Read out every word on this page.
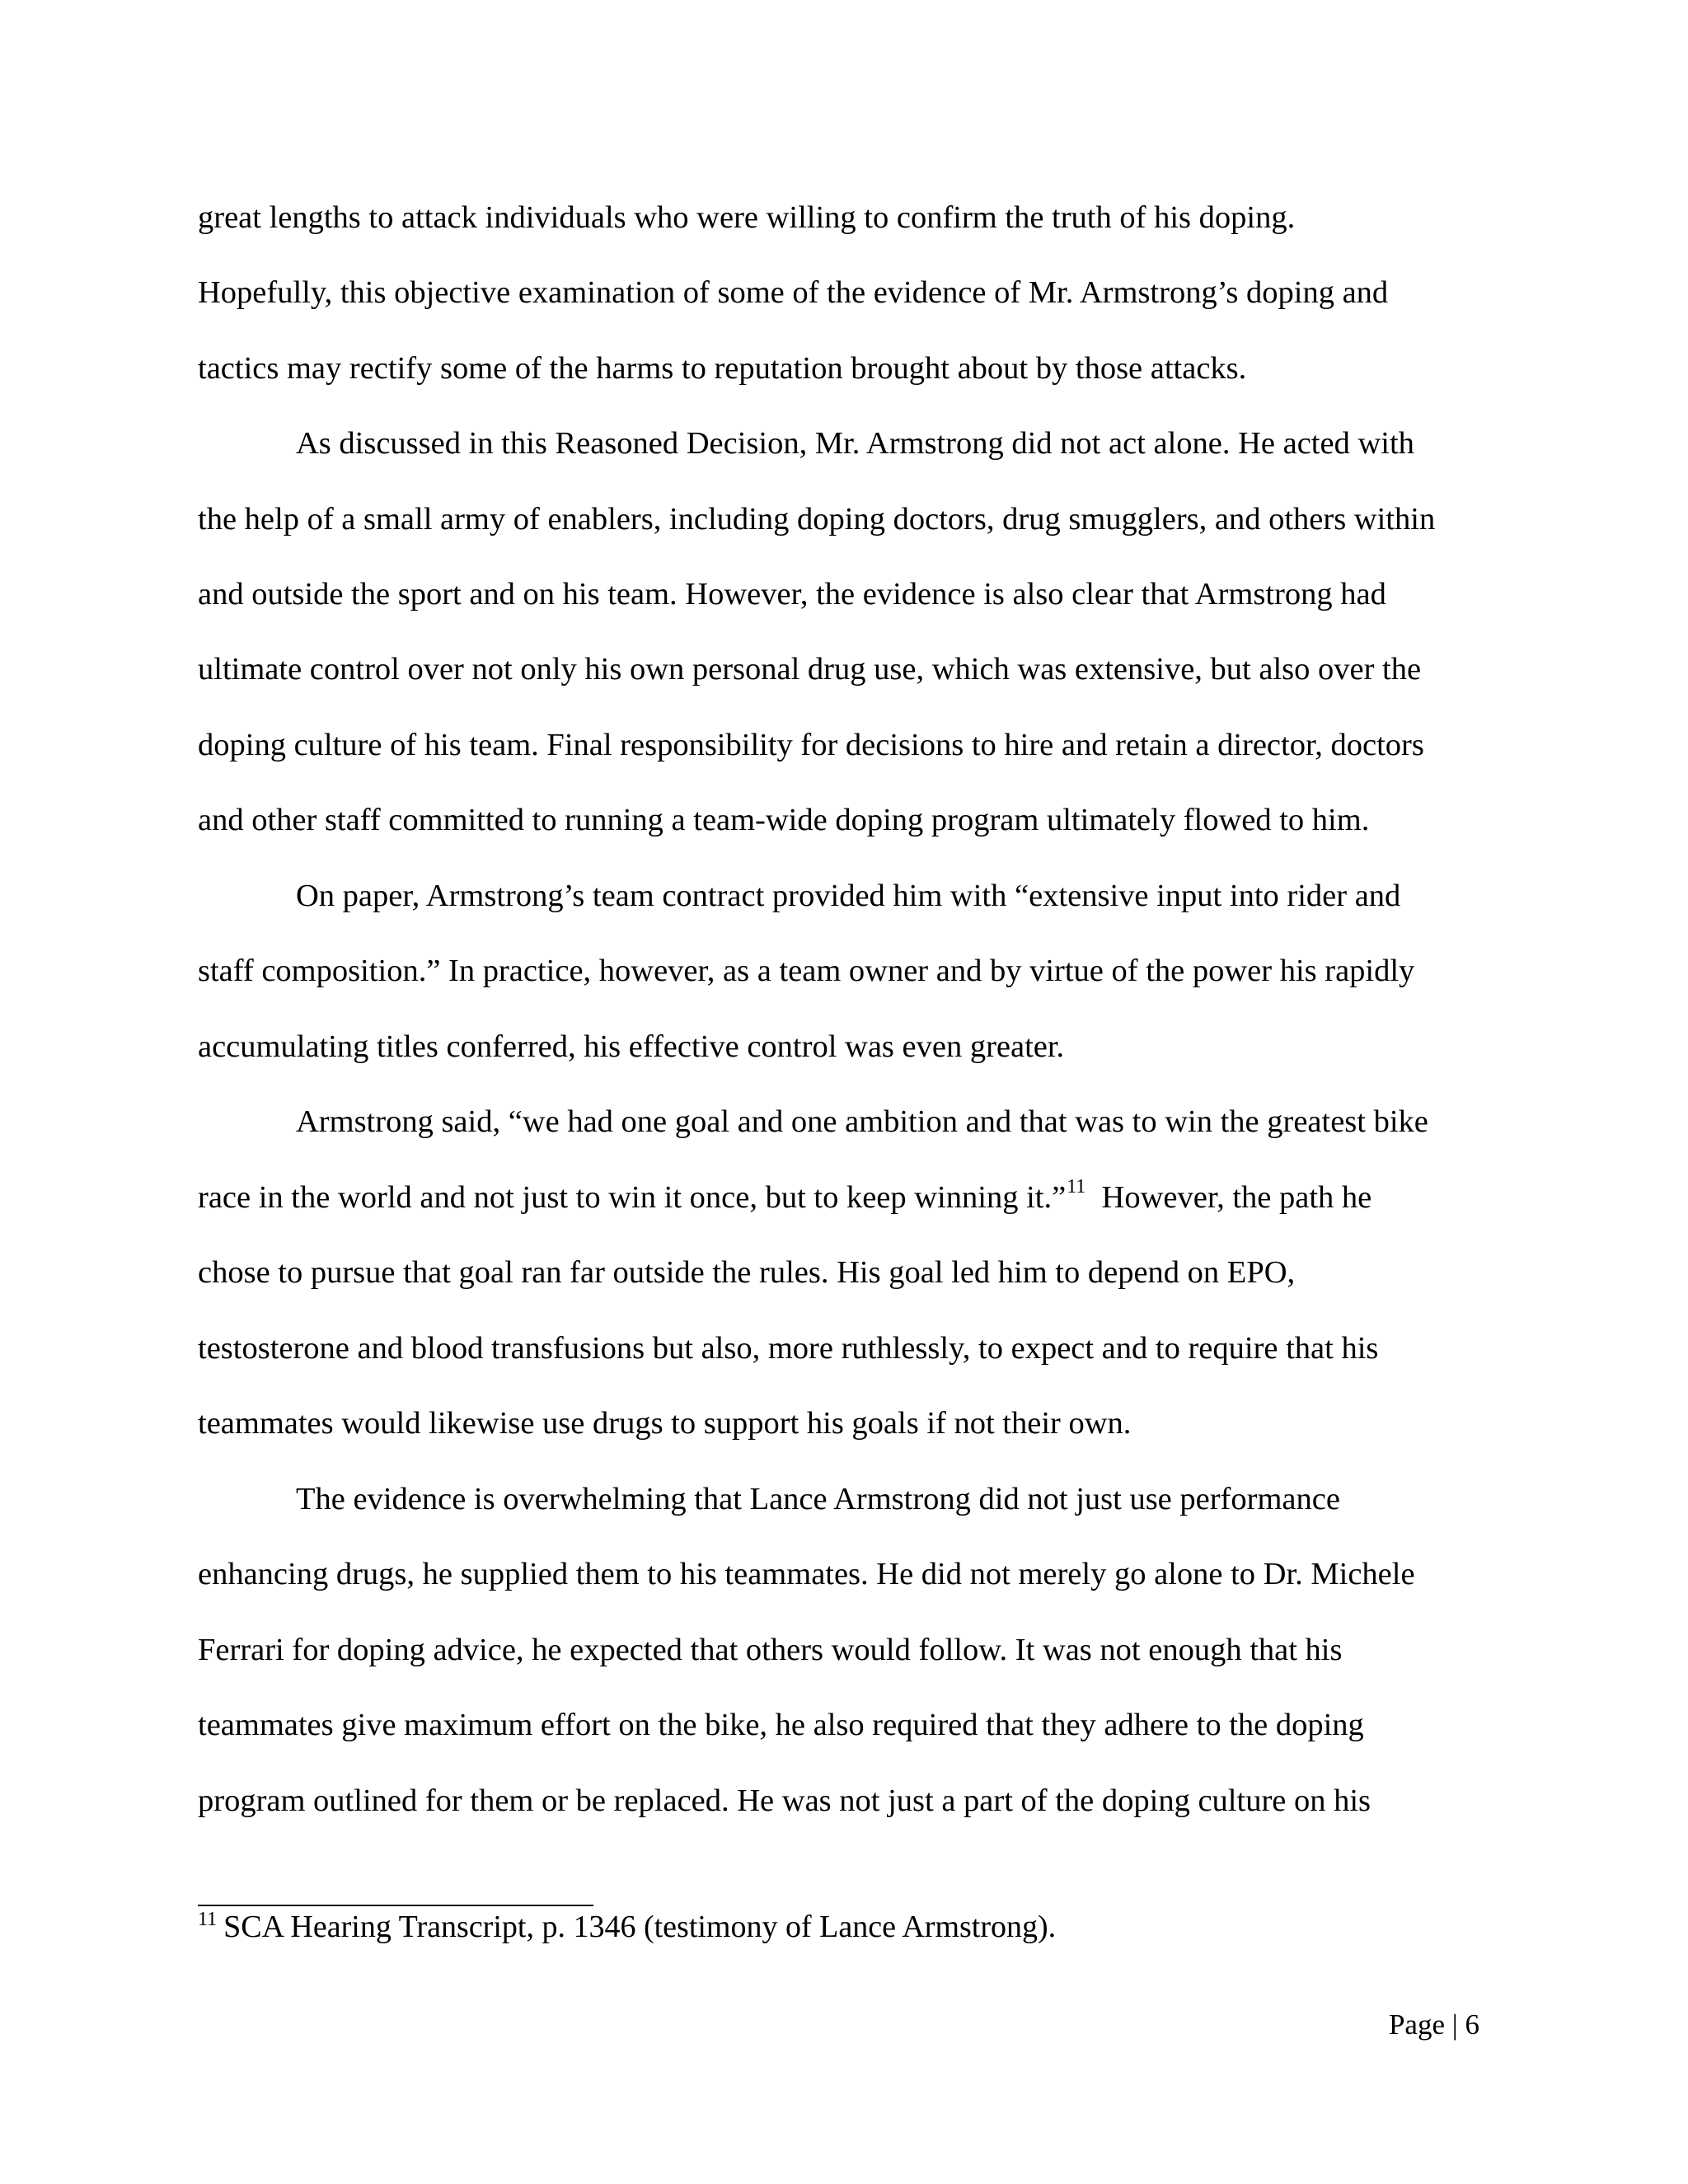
great lengths to attack individuals who were willing to confirm the truth of his doping.
Hopefully, this objective examination of some of the evidence of Mr. Armstrong’s doping and
tactics may rectify some of the harms to reputation brought about by those attacks.
As discussed in this Reasoned Decision, Mr. Armstrong did not act alone. He acted with
the help of a small army of enablers, including doping doctors, drug smugglers, and others within
and outside the sport and on his team. However, the evidence is also clear that Armstrong had
ultimate control over not only his own personal drug use, which was extensive, but also over the
doping culture of his team. Final responsibility for decisions to hire and retain a director, doctors
and other staff committed to running a team-wide doping program ultimately flowed to him.
On paper, Armstrong’s team contract provided him with “extensive input into rider and
staff composition.” In practice, however, as a team owner and by virtue of the power his rapidly
accumulating titles conferred, his effective control was even greater.
Armstrong said, “we had one goal and one ambition and that was to win the greatest bike
race in the world and not just to win it once, but to keep winning it.”$^{11}$ However, the path he
chose to pursue that goal ran far outside the rules. His goal led him to depend on EPO,
testosterone and blood transfusions but also, more ruthlessly, to expect and to require that his
teammates would likewise use drugs to support his goals if not their own.
The evidence is overwhelming that Lance Armstrong did not just use performance
enhancing drugs, he supplied them to his teammates. He did not merely go alone to Dr. Michele
Ferrari for doping advice, he expected that others would follow. It was not enough that his
teammates give maximum effort on the bike, he also required that they adhere to the doping
program outlined for them or be replaced. He was not just a part of the doping culture on his
$^{11}$ SCA Hearing Transcript, p. 1346 (testimony of Lance Armstrong).
Page | 6
